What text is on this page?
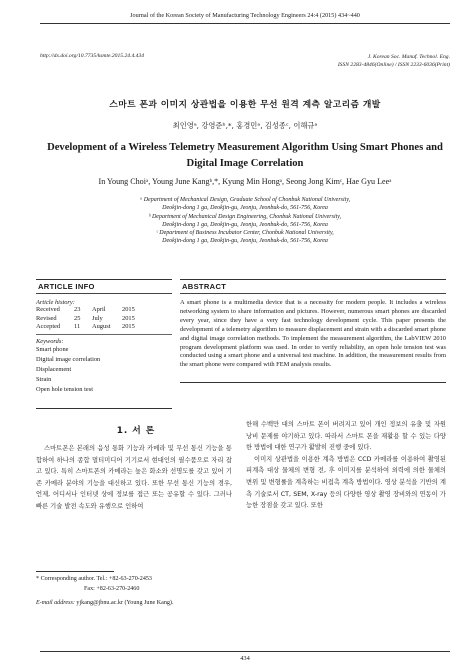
Journal of the Korean Society of Manufacturing Technology Engineers 24:4 (2015) 434~440
http://dx.doi.org/10.7735/ksmte.2015.24.4.434	J. Korean Soc. Manuf. Technol. Eng.
ISSN 2283-4846(Online) / ISSN 2233-6036(Print)
스마트 폰과 이미지 상관법을 이용한 무선 원격 계측 알고리즘 개발
최인영ᵃ, 강영준ᵇ,*, 홍경민ᵃ, 김성종ᶜ, 이해규ᵃ
Development of a Wireless Telemetry Measurement Algorithm Using Smart Phones and Digital Image Correlation
In Young Choiᵃ, Young June Kangᵇ,*, Kyung Min Hongᵃ, Seong Jong Kimᶜ, Hae Gyu Leeᵃ
ᵃ Department of Mechanical Design, Graduate School of Chonbuk National University,
Deokjin-dong 1 ga, Deokjin-gu, Jeonju, Jeonbuk-do, 561-756, Korea
ᵇ Department of Mechanical Design Engineering, Chonbuk National University,
Deokjin-dong 1 ga, Deokjin-gu, Jeonju, Jeonbuk-do, 561-756, Korea
ᶜ Department of Business Incubator Center, Chonbuk National University,
Deokjin-dong 1 ga, Deokjin-gu, Jeonju, Jeonbuk-do, 561-756, Korea
ARTICLE INFO
Article history:
Received	23	April	2015
Revised	25	July	2015
Accepted	11	August	2015
Keywords:
Smart phone
Digital image correlation
Displacement
Strain
Open hole tension test
ABSTRACT
A smart phone is a multimedia device that is a necessity for modern people. It includes a wireless networking system to share information and pictures. However, numerous smart phones are discarded every year, since they have a very fast technology development cycle. This paper presents the development of a telemetry algorithm to measure displacement and strain with a discarded smart phone and digital image correlation methods. To implement the measurement algorithm, the LabVIEW 2010 program development platform was used. In order to verify reliability, an open hole tension test was conducted using a smart phone and a universal test machine. In addition, the measurement results from the smart phone were compared with FEM analysis results.
1. 서 론
스마트폰은 본래의 음성 통화 기능과 카메라 및 무선 통신 기능을 통합하여 하나의 종합 멀티미디어 기기로서 현대인의 필수품으로 자리 잡고 있다. 특히 스마트폰의 카메라는 높은 화소와 선명도를 갖고 있어 기존 카메라 분야의 기능을 대신하고 있다. 또한 무선 통신 기능의 경우, 언제, 어디서나 인터넷 상에 정보를 접근 또는 공유할 수 있다. 그러나 빠른 기술 발전 속도와 유행으로 인하여
한해 수백만 대의 스마트 폰이 버려지고 있어 개인 정보의 유출 및 자원 낭비 문제를 야기하고 있다. 따라서 스마트 폰을 재활용 할 수 있는 다양한 방법에 대한 연구가 활발히 진행 중에 있다.
이미지 상관법을 이용한 계측 방법은 CCD 카메라를 이용하여 촬영된 피계측 대상 물체의 변형 전, 후 이미지를 분석하여 외력에 의한 물체의 변위 및 변형률을 계측하는 비접촉 계측 방법이다. 영상 분석을 기반의 계측 기술로서 CT, SEM, X-ray 등의 다양한 영상 촬영 장비와의 연동이 가능한 장점을 갖고 있다. 또한
* Corresponding author. Tel.: +82-63-270-2453
Fax: +82-63-270-2460
E-mail address: yjkang@jbnu.ac.kr (Young June Kang).
434
